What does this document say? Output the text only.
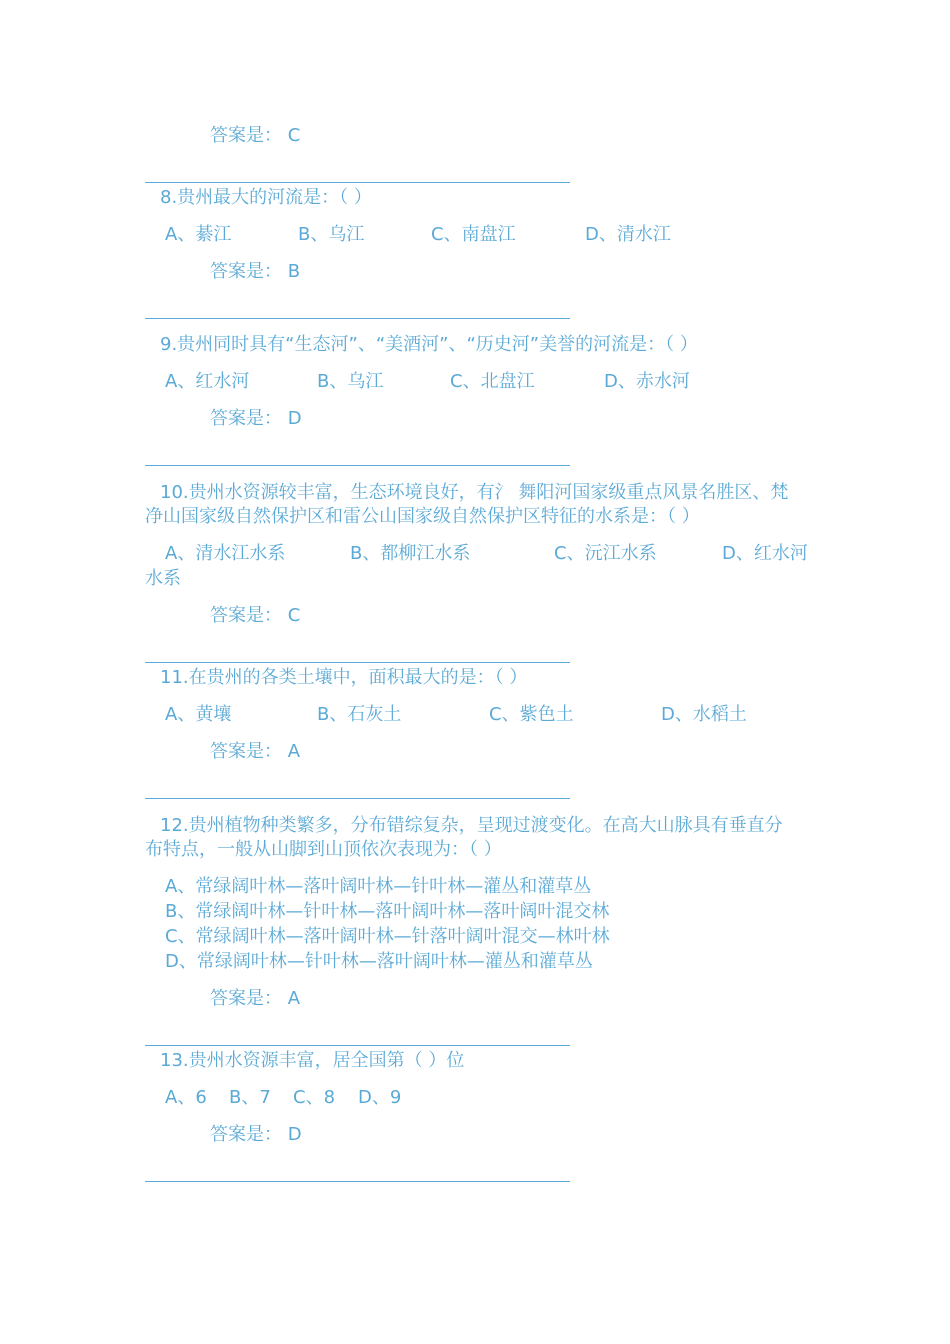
答案是： C
8.贵州最大的河流是：（ ）
A、綦江	B、乌江	C、南盘江	D、清水江
答案是： B
9.贵州同时具有“生态河”、“美酒河”、“历史河”美誉的河流是：（ ）
A、红水河	B、乌江	C、北盘江	D、赤水河
答案是： D
10.贵州水资源较丰富，生态环境良好，有氵 舞阳河国家级重点风景名胜区、梵
净山国家级自然保护区和雷公山国家级自然保护区特征的水系是：（ ）
A、清水江水系	B、都柳江水系	C、沅江水系	D、红水河
水系
答案是： C
11.在贵州的各类土壤中，面积最大的是：（ ）
A、黄壤	B、石灰土	C、紫色土	D、水稻土
答案是： A
12.贵州植物种类繁多，分布错综复杂，呈现过渡变化。在高大山脉具有垂直分
布特点，一般从山脚到山顶依次表现为：（ ）
A、常绿阔叶林—落叶阔叶林—针叶林—灌丛和灌草丛
B、常绿阔叶林—针叶林—落叶阔叶林—落叶阔叶混交林
C、常绿阔叶林—落叶阔叶林—针落叶阔叶混交—林叶林
D、常绿阔叶林—针叶林—落叶阔叶林—灌丛和灌草丛
答案是： A
13.贵州水资源丰富，居全国第（ ）位
A、6 B、7 C、8 D、9
答案是： D
